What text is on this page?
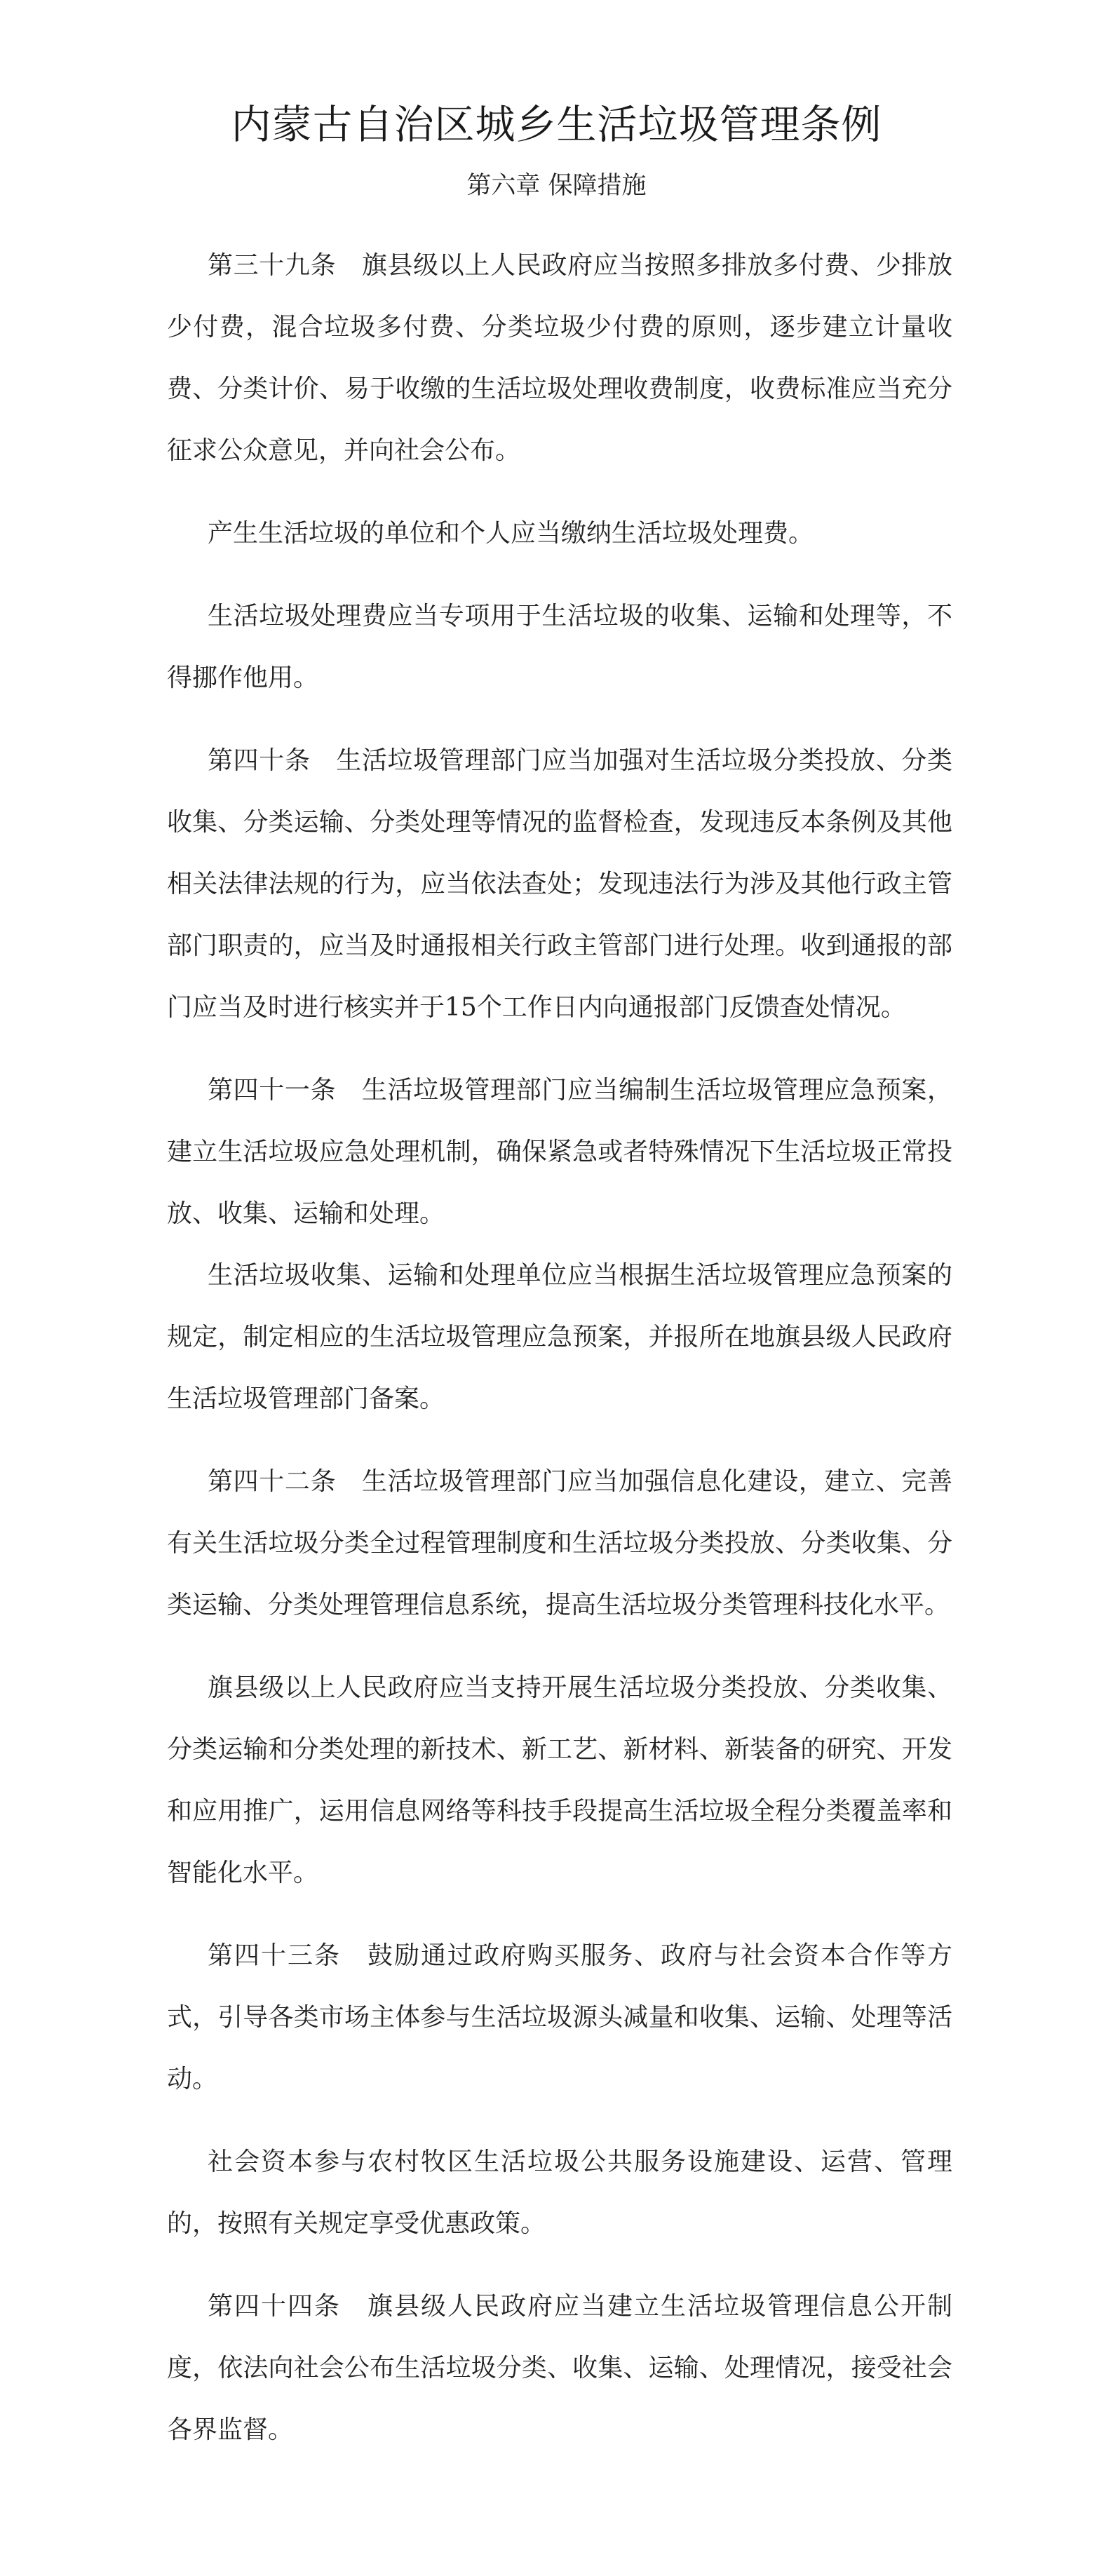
内蒙古自治区城乡生活垃圾管理条例
第六章 保障措施

第三十九条　旗县级以上人民政府应当按照多排放多付费、少排放少付费，混合垃圾多付费、分类垃圾少付费的原则，逐步建立计量收费、分类计价、易于收缴的生活垃圾处理收费制度，收费标准应当充分征求公众意见，并向社会公布。

产生生活垃圾的单位和个人应当缴纳生活垃圾处理费。

生活垃圾处理费应当专项用于生活垃圾的收集、运输和处理等，不得挪作他用。

第四十条　生活垃圾管理部门应当加强对生活垃圾分类投放、分类收集、分类运输、分类处理等情况的监督检查，发现违反本条例及其他相关法律法规的行为，应当依法查处；发现违法行为涉及其他行政主管部门职责的，应当及时通报相关行政主管部门进行处理。收到通报的部门应当及时进行核实并于15个工作日内向通报部门反馈查处情况。

第四十一条　生活垃圾管理部门应当编制生活垃圾管理应急预案，建立生活垃圾应急处理机制，确保紧急或者特殊情况下生活垃圾正常投放、收集、运输和处理。

生活垃圾收集、运输和处理单位应当根据生活垃圾管理应急预案的规定，制定相应的生活垃圾管理应急预案，并报所在地旗县级人民政府生活垃圾管理部门备案。

第四十二条　生活垃圾管理部门应当加强信息化建设，建立、完善有关生活垃圾分类全过程管理制度和生活垃圾分类投放、分类收集、分类运输、分类处理管理信息系统，提高生活垃圾分类管理科技化水平。

旗县级以上人民政府应当支持开展生活垃圾分类投放、分类收集、分类运输和分类处理的新技术、新工艺、新材料、新装备的研究、开发和应用推广，运用信息网络等科技手段提高生活垃圾全程分类覆盖率和智能化水平。

第四十三条　鼓励通过政府购买服务、政府与社会资本合作等方式，引导各类市场主体参与生活垃圾源头减量和收集、运输、处理等活动。

社会资本参与农村牧区生活垃圾公共服务设施建设、运营、管理的，按照有关规定享受优惠政策。

第四十四条　旗县级人民政府应当建立生活垃圾管理信息公开制度，依法向社会公布生活垃圾分类、收集、运输、处理情况，接受社会各界监督。
